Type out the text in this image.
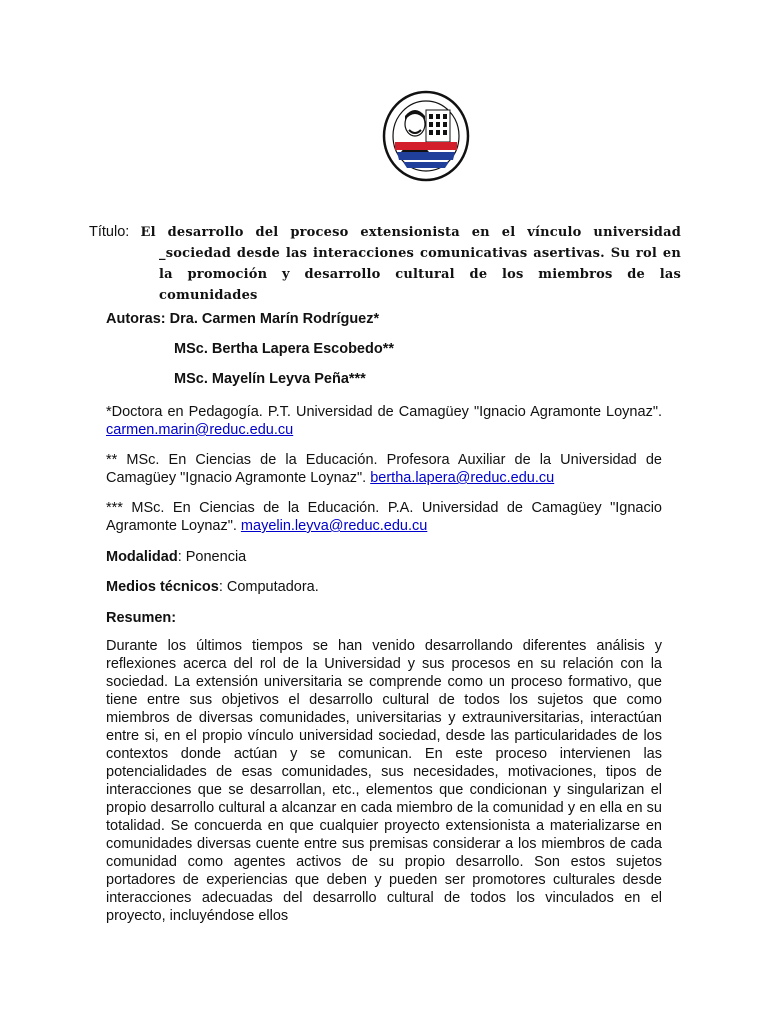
Título: El desarrollo del proceso extensionista en el vínculo universidad _sociedad desde las interacciones comunicativas asertivas. Su rol en la promoción y desarrollo cultural de los miembros de las comunidades
Autoras: Dra. Carmen Marín Rodríguez*
MSc. Bertha Lapera Escobedo**
MSc. Mayelín Leyva Peña***
*Doctora en Pedagogía. P.T. Universidad de Camagüey "Ignacio Agramonte Loynaz". carmen.marin@reduc.edu.cu
** MSc. En Ciencias de la Educación. Profesora Auxiliar de la Universidad de Camagüey "Ignacio Agramonte Loynaz". bertha.lapera@reduc.edu.cu
*** MSc. En Ciencias de la Educación. P.A. Universidad de Camagüey "Ignacio Agramonte Loynaz". mayelin.leyva@reduc.edu.cu
Modalidad: Ponencia
Medios técnicos: Computadora.
Resumen:
Durante los últimos tiempos se han venido desarrollando diferentes análisis y reflexiones acerca del rol de la Universidad y sus procesos en su relación con la sociedad. La extensión universitaria se comprende como un proceso formativo, que tiene entre sus objetivos el desarrollo cultural de todos los sujetos que como miembros de diversas comunidades, universitarias y extrauniversitarias, interactúan entre si, en el propio vínculo universidad sociedad, desde las particularidades de los contextos donde actúan y se comunican. En este proceso intervienen las potencialidades de esas comunidades, sus necesidades, motivaciones, tipos de interacciones que se desarrollan, etc., elementos que condicionan y singularizan el propio desarrollo cultural a alcanzar en cada miembro de la comunidad y en ella en su totalidad. Se concuerda en que cualquier proyecto extensionista a materializarse en comunidades diversas cuente entre sus premisas considerar a los miembros de cada comunidad como agentes activos de su propio desarrollo. Son estos sujetos portadores de experiencias que deben y pueden ser promotores culturales desde interacciones adecuadas del desarrollo cultural de todos los vinculados en el proyecto, incluyéndose ellos
